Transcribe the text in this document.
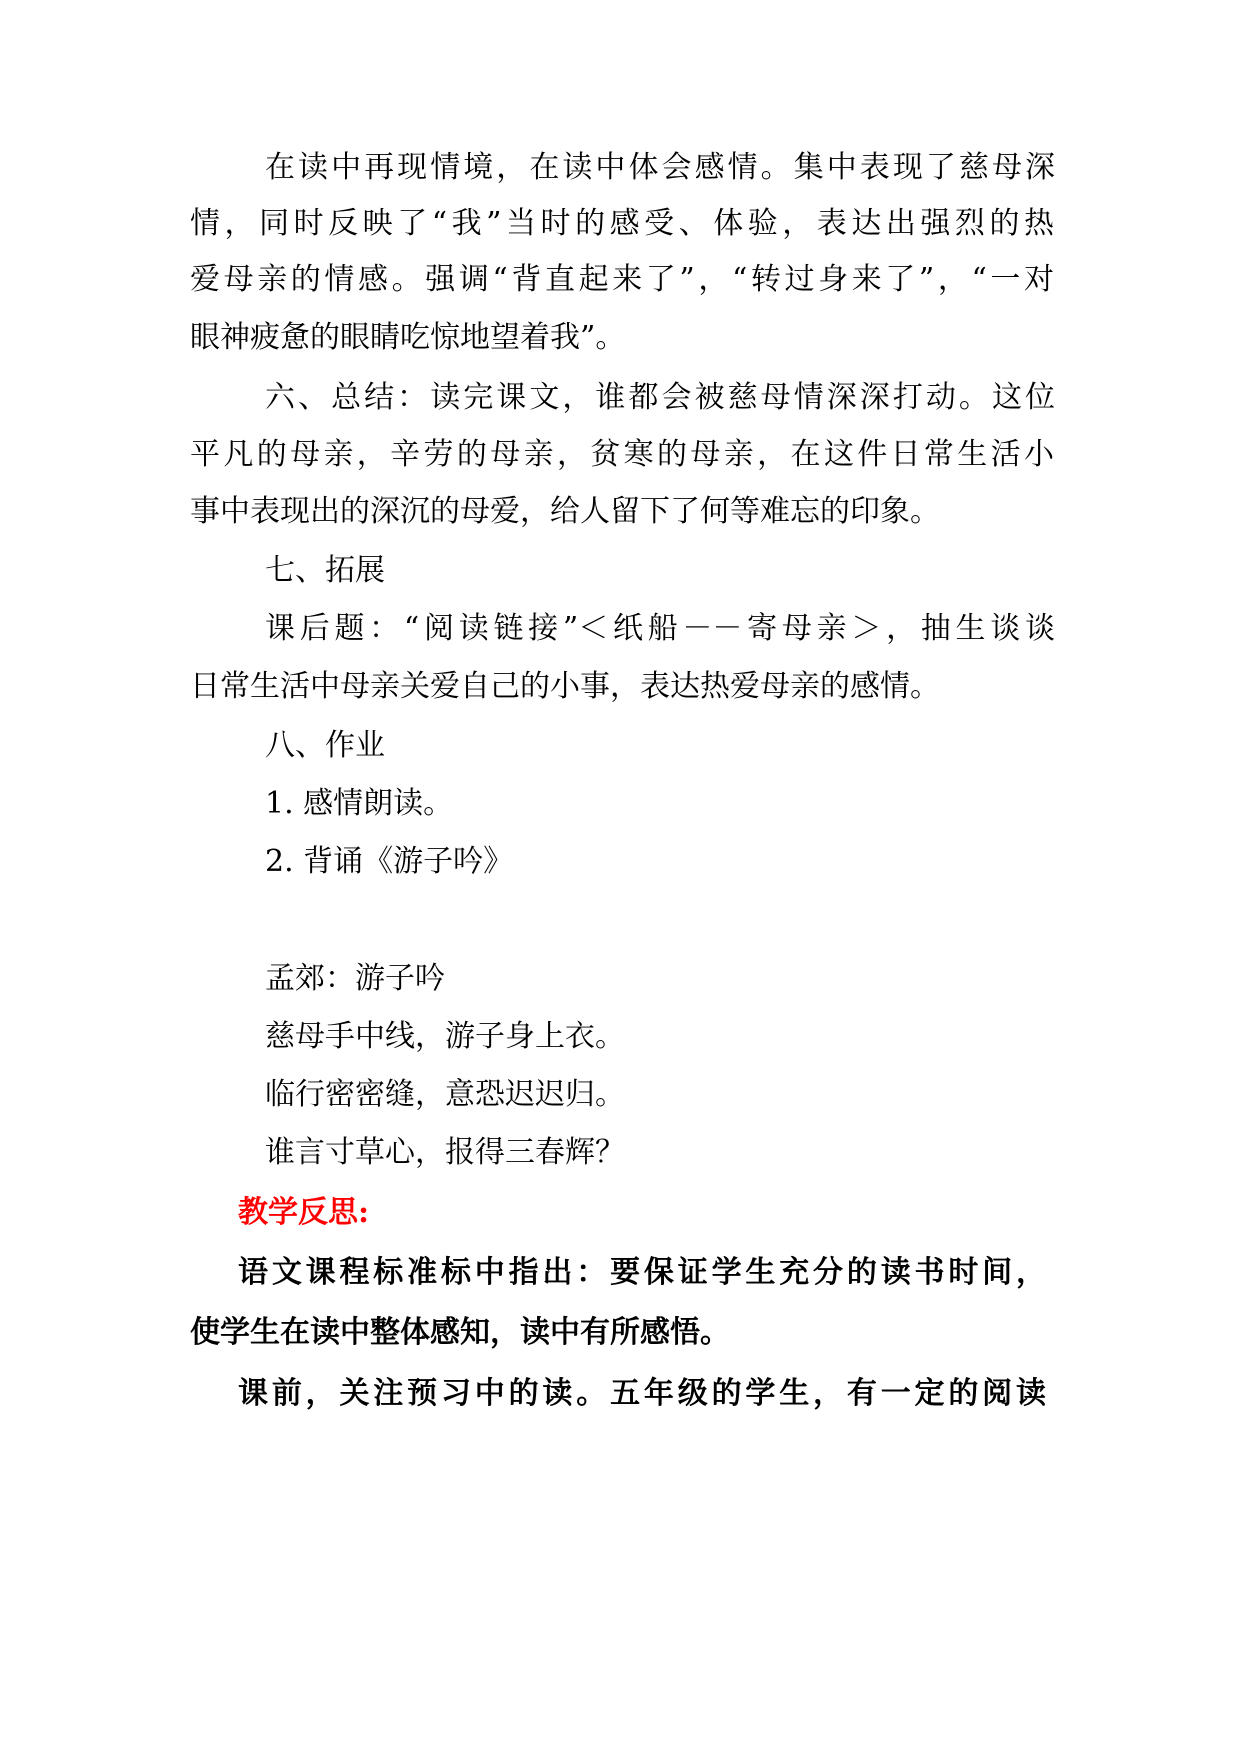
在读中再现情境，在读中体会感情。集中表现了慈母深
情，同时反映了“我”当时的感受、体验，表达出强烈的热
爱母亲的情感。强调“背直起来了”，“转过身来了”，“一对
眼神疲惫的眼睛吃惊地望着我”。
六、总结：读完课文，谁都会被慈母情深深打动。这位
平凡的母亲，辛劳的母亲，贫寒的母亲，在这件日常生活小
事中表现出的深沉的母爱，给人留下了何等难忘的印象。
七、拓展
课后题：“阅读链接”＜纸船－－寄母亲＞，抽生谈谈
日常生活中母亲关爱自己的小事，表达热爱母亲的感情。
八、作业
1. 感情朗读。
2. 背诵《游子吟》
孟郊：游子吟
慈母手中线，游子身上衣。
临行密密缝，意恐迟迟归。
谁言寸草心，报得三春辉？
教学反思:
语文课程标准标中指出：要保证学生充分的读书时间，
使学生在读中整体感知，读中有所感悟。
课前，关注预习中的读。五年级的学生，有一定的阅读
